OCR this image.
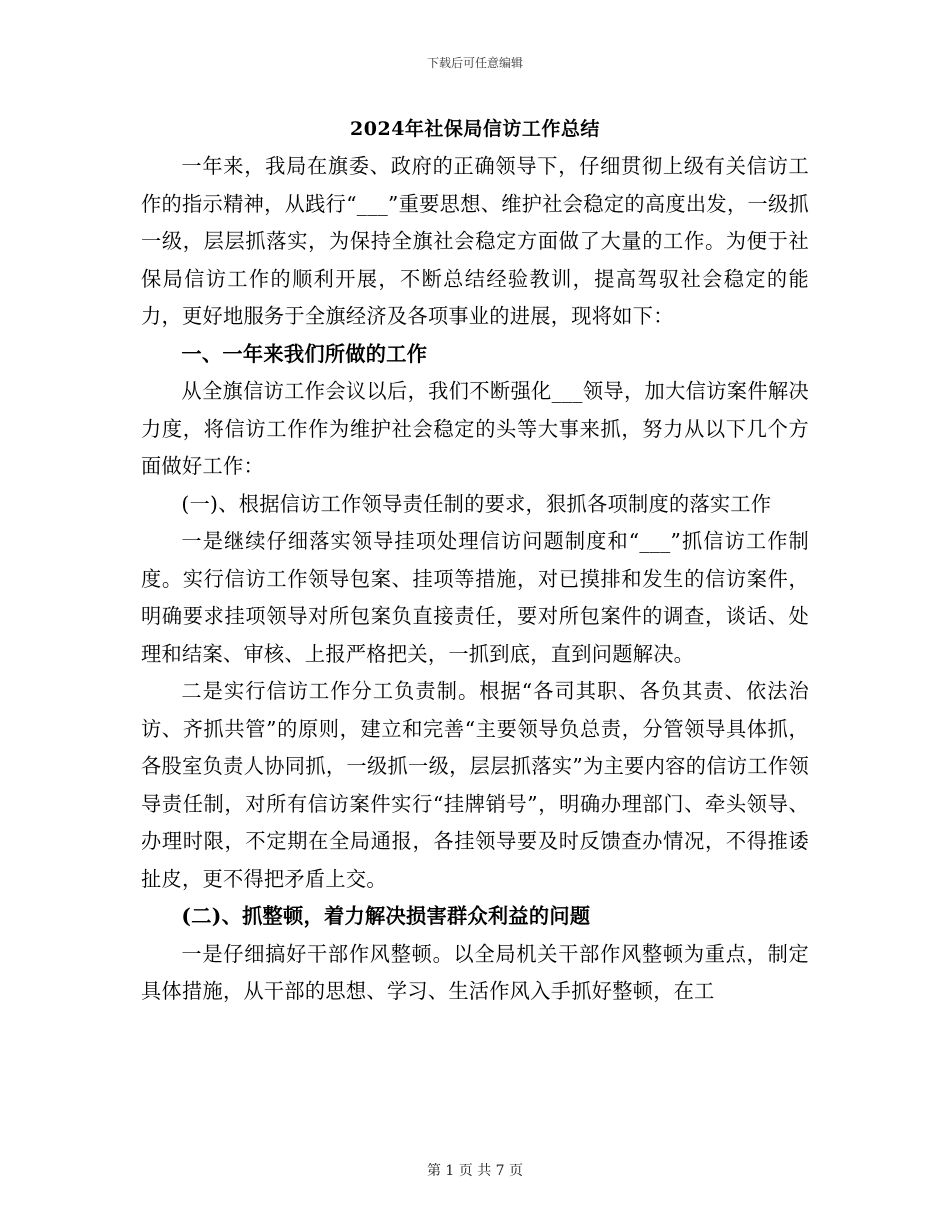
下载后可任意编辑
2024年社保局信访工作总结

一年来，我局在旗委、政府的正确领导下，仔细贯彻上级有关信访工作的指示精神，从践行“___”重要思想、维护社会稳定的高度出发，一级抓一级，层层抓落实，为保持全旗社会稳定方面做了大量的工作。为便于社保局信访工作的顺利开展，不断总结经验教训，提高驾驭社会稳定的能力，更好地服务于全旗经济及各项事业的进展，现将如下：

一、一年来我们所做的工作

从全旗信访工作会议以后，我们不断强化___领导，加大信访案件解决力度，将信访工作作为维护社会稳定的头等大事来抓，努力从以下几个方面做好工作：

(一)、根据信访工作领导责任制的要求，狠抓各项制度的落实工作

一是继续仔细落实领导挂项处理信访问题制度和“___”抓信访工作制度。实行信访工作领导包案、挂项等措施，对已摸排和发生的信访案件，明确要求挂项领导对所包案负直接责任，要对所包案件的调查，谈话、处理和结案、审核、上报严格把关，一抓到底，直到问题解决。

二是实行信访工作分工负责制。根据“各司其职、各负其责、依法治访、齐抓共管”的原则，建立和完善“主要领导负总责，分管领导具体抓，各股室负责人协同抓，一级抓一级，层层抓落实”为主要内容的信访工作领导责任制，对所有信访案件实行“挂牌销号”，明确办理部门、牵头领导、办理时限，不定期在全局通报，各挂领导要及时反馈查办情况，不得推诿扯皮，更不得把矛盾上交。

(二)、抓整顿，着力解决损害群众利益的问题

一是仔细搞好干部作风整顿。以全局机关干部作风整顿为重点，制定具体措施，从干部的思想、学习、生活作风入手抓好整顿，在工

第 1 页 共 7 页
